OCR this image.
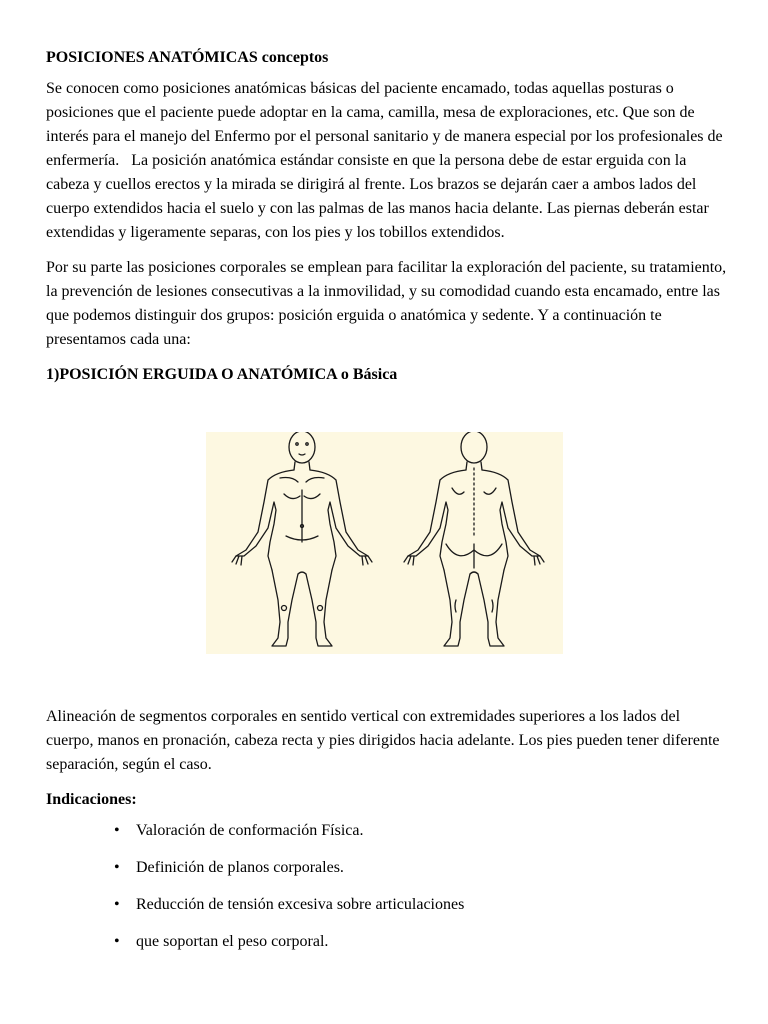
POSICIONES ANATÓMICAS conceptos
Se conocen como posiciones anatómicas básicas del paciente encamado, todas aquellas posturas o posiciones que el paciente puede adoptar en la cama, camilla, mesa de exploraciones, etc. Que son de interés para el manejo del Enfermo por el personal sanitario y de manera especial por los profesionales de enfermería.   La posición anatómica estándar consiste en que la persona debe de estar erguida con la cabeza y cuellos erectos y la mirada se dirigirá al frente. Los brazos se dejarán caer a ambos lados del cuerpo extendidos hacia el suelo y con las palmas de las manos hacia delante. Las piernas deberán estar extendidas y ligeramente separas, con los pies y los tobillos extendidos.
Por su parte las posiciones corporales se emplean para facilitar la exploración del paciente, su tratamiento, la prevención de lesiones consecutivas a la inmovilidad, y su comodidad cuando esta encamado, entre las que podemos distinguir dos grupos: posición erguida o anatómica y sedente. Y a continuación te presentamos cada una:
1)POSICIÓN ERGUIDA O ANATÓMICA o Básica
Alineación de segmentos corporales en sentido vertical con extremidades superiores a los lados del cuerpo, manos en pronación, cabeza recta y pies dirigidos hacia adelante. Los pies pueden tener diferente separación, según el caso.
Indicaciones:
• Valoración de conformación Física.
• Definición de planos corporales.
• Reducción de tensión excesiva sobre articulaciones
• que soportan el peso corporal.
